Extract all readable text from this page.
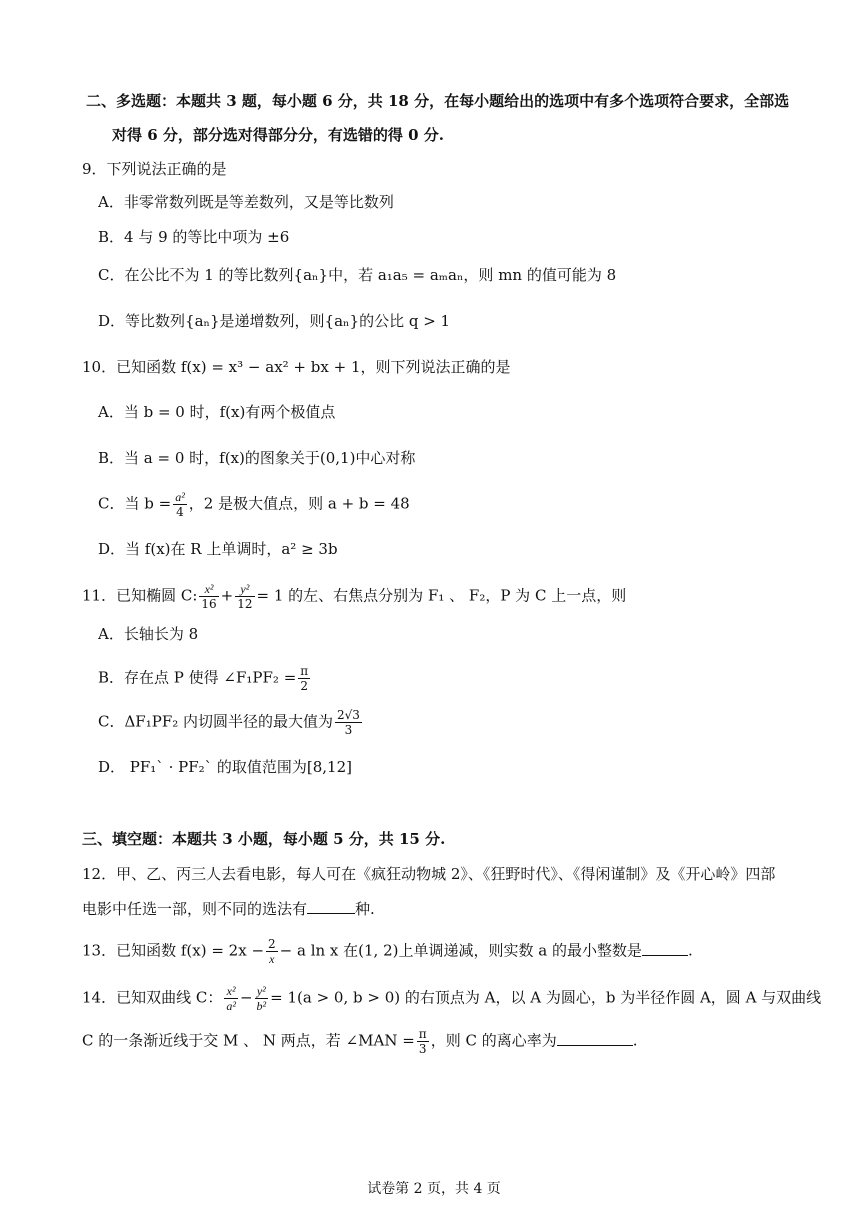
二、多选题：本题共 3 题，每小题 6 分，共 18 分，在每小题给出的选项中有多个选项符合要求，全部选
对得 6 分，部分选对得部分分，有选错的得 0 分.
9．下列说法正确的是
A．非零常数列既是等差数列，又是等比数列
B．4 与 9 的等比中项为 ±6
C．在公比不为 1 的等比数列{aₙ}中，若 a₁a₅ = aₘaₙ，则 mn 的值可能为 8
D．等比数列{aₙ}是递增数列，则{aₙ}的公比 q > 1
10．已知函数 f(x) = x³ − ax² + bx + 1，则下列说法正确的是
A．当 b = 0 时，f(x)有两个极值点
B．当 a = 0 时，f(x)的图象关于(0,1)中心对称
C．当 $b = \frac{\text{a²}}{4}$ ，2 是极大值点，则 a + b = 48
D．当 f(x)在 R 上单调时，a² ≥ 3b
11．已知椭圆 C: $\frac{\text{x²}}{16} + \frac{\text{y²}}{12} = 1$ 的左、右焦点分别为 F₁ 、 F₂，P 为 C 上一点，则
A．长轴长为 8
B．存在点 P 使得 ∠F₁PF₂ = $\frac{\pi}{2}$
C．ΔF₁PF₂ 内切圆半径的最大值为 $\frac{2√3}{3}$
D． PF₁` · PF₂` 的取值范围为[8,12]
三、填空题：本题共 3 小题，每小题 5 分，共 15 分.
12．甲、乙、丙三人去看电影，每人可在《疯狂动物城 2》、《狂野时代》、《得闲谨制》及《开心岭》四部
电影中任选一部，则不同的选法有	种.
13．已知函数 $f(x) = 2x - \frac{2}{x} - a$ ln x 在(1, 2)上单调递减，则实数 a 的最小整数是	.
14．已知双曲线 C： $\frac{\text{x²}}{\text{a²}} - \frac{\text{y²}}{\text{b²}} = 1(a > 0$, b > 0) 的右顶点为 A，以 A 为圆心，b 为半径作圆 A，圆 A 与双曲线
C 的一条渐近线于交 M 、 N 两点，若 ∠MAN = $\frac{\pi}{3}$ ，则 C 的离心率为	.
试卷第 2 页，共 4 页
